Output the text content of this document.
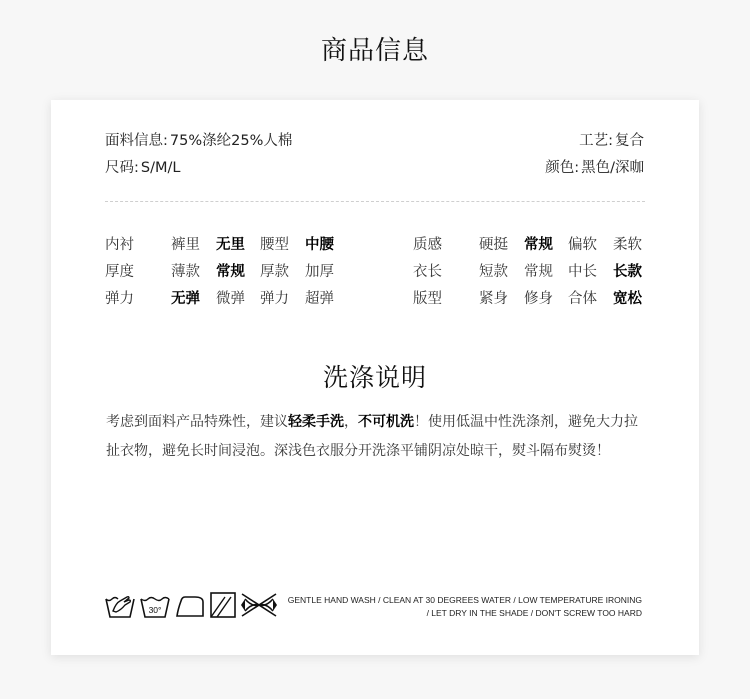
商品信息
面料信息: 75%涤纶25%人棉
尺码: S/M/L
工艺: 复合
颜色: 黑色/深咖
内衬	裤里 无里 腰型 中腰
厚度	薄款 常规 厚款 加厚
弹力	无弹 微弹 弹力 超弹
质感	硬挺 常规 偏软 柔软
衣长	短款 常规 中长 长款
版型	紧身 修身 合体 宽松
洗涤说明
考虑到面料产品特殊性，建议轻柔手洗，不可机洗！使用低温中性洗涤剂，避免大力拉扯衣物，避免长时间浸泡。深浅色衣服分开洗涤平铺阴凉处晾干，熨斗隔布熨烫！
30°
GENTLE HAND WASH / CLEAN AT 30 DEGREES WATER / LOW TEMPERATURE IRONING
/ LET DRY IN THE SHADE / DON'T SCREW TOO HARD
